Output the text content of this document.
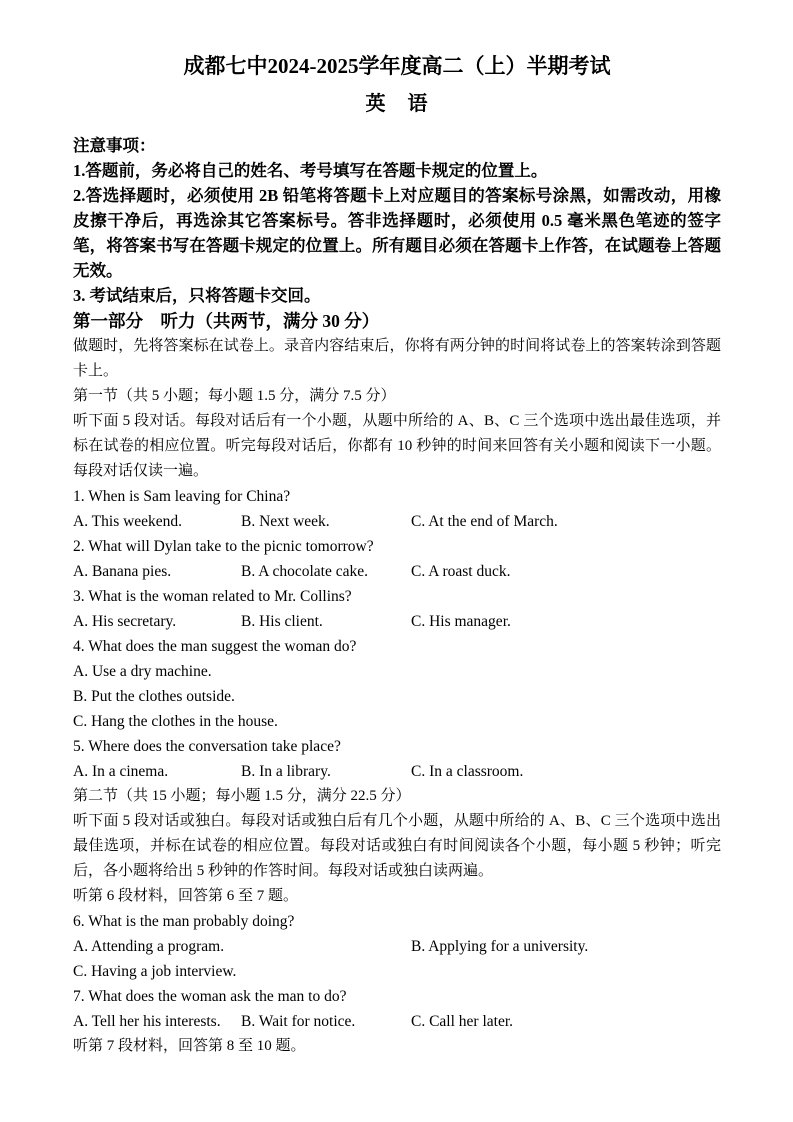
成都七中2024-2025学年度高二（上）半期考试
英　语

注意事项：

1.答题前，务必将自己的姓名、考号填写在答题卡规定的位置上。

2.答选择题时，必须使用 2B 铅笔将答题卡上对应题目的答案标号涂黑，如需改动，用橡皮擦干净后，再选涂其它答案标号。答非选择题时，必须使用 0.5 毫米黑色笔迹的签字笔，将答案书写在答题卡规定的位置上。所有题目必须在答题卡上作答，在试题卷上答题无效。

3. 考试结束后，只将答题卡交回。

第一部分　听力（共两节，满分 30 分）

做题时，先将答案标在试卷上。录音内容结束后，你将有两分钟的时间将试卷上的答案转涂到答题卡上。

第一节（共 5 小题；每小题 1.5 分，满分 7.5 分）

听下面 5 段对话。每段对话后有一个小题，从题中所给的 A、B、C 三个选项中选出最佳选项，并标在试卷的相应位置。听完每段对话后，你都有 10 秒钟的时间来回答有关小题和阅读下一小题。每段对话仅读一遍。

1. When is Sam leaving for China?

A. This weekend.	B. Next week.	C. At the end of March.

2. What will Dylan take to the picnic tomorrow?

A. Banana pies.	B. A chocolate cake.	C. A roast duck.

3. What is the woman related to Mr. Collins?

A. His secretary.	B. His client.	C. His manager.

4. What does the man suggest the woman do?

A. Use a dry machine.

B. Put the clothes outside.

C. Hang the clothes in the house.

5. Where does the conversation take place?

A. In a cinema.	B. In a library.	C. In a classroom.

第二节（共 15 小题；每小题 1.5 分，满分 22.5 分）

听下面 5 段对话或独白。每段对话或独白后有几个小题，从题中所给的 A、B、C 三个选项中选出最佳选项，并标在试卷的相应位置。每段对话或独白有时间阅读各个小题，每小题 5 秒钟；听完后，各小题将给出 5 秒钟的作答时间。每段对话或独白读两遍。

听第 6 段材料，回答第 6 至 7 题。

6. What is the man probably doing?

A. Attending a program.	B. Applying for a university.

C. Having a job interview.

7. What does the woman ask the man to do?

A. Tell her his interests. B. Wait for notice.	C. Call her later.

听第 7 段材料，回答第 8 至 10 题。
